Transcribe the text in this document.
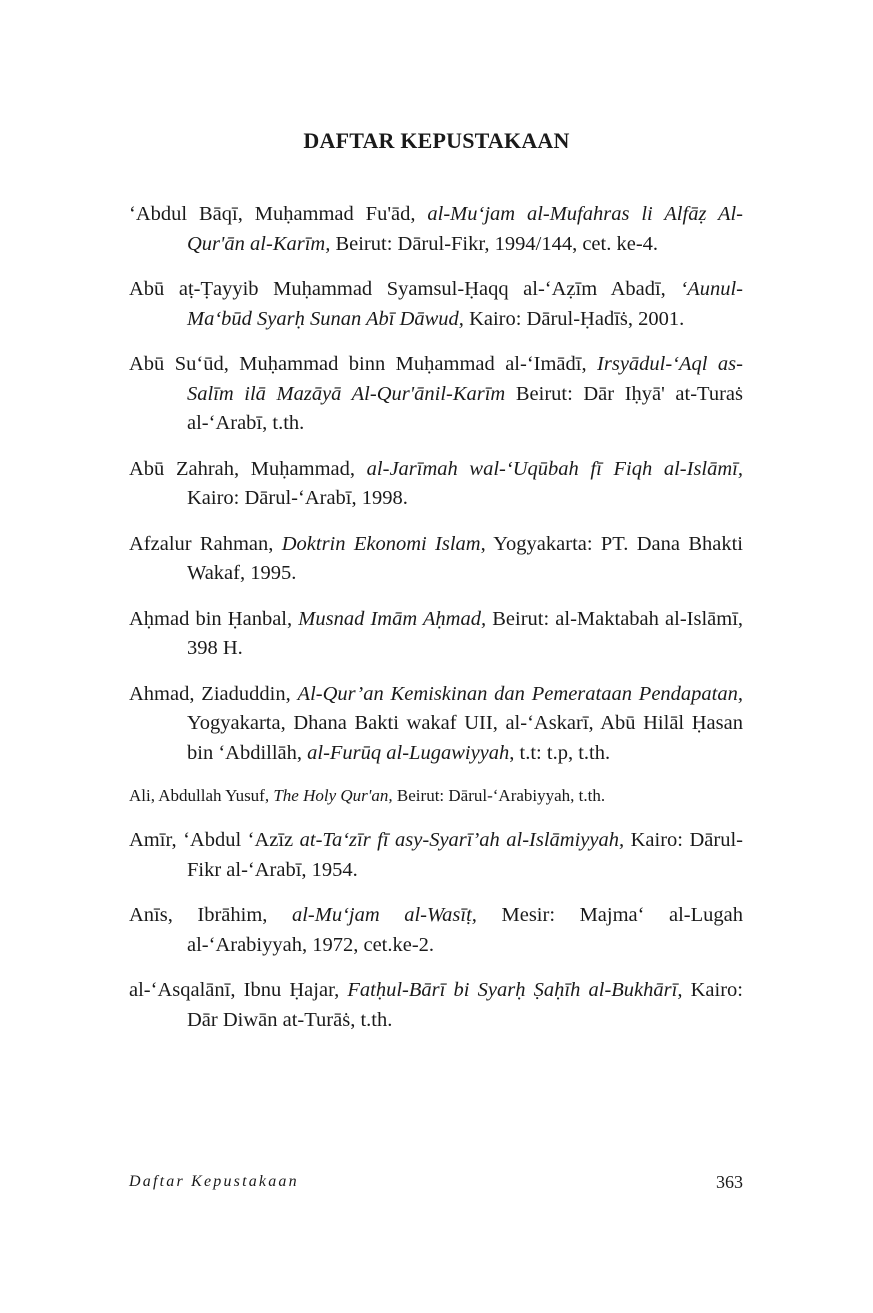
DAFTAR KEPUSTAKAAN
‘Abdul Bāqī, Muḥammad Fu'ād, al-Mu‘jam al-Mufahras li Alfāẓ Al-Qur'ān al-Karīm, Beirut: Dārul-Fikr, 1994/144, cet. ke-4.
Abū aṭ-Ṭayyib Muḥammad Syamsul-Ḥaqq al-‘Aẓīm Abadī, ‘Aunul-Ma‘būd Syarḥ Sunan Abī Dāwud, Kairo: Dārul-Ḥadīṡ, 2001.
Abū Su‘ūd, Muḥammad binn Muḥammad al-‘Imādī, Irsyādul-‘Aql as-Salīm ilā Mazāyā Al-Qur'ānil-Karīm Beirut: Dār Iḥyā' at-Turaṡ al-‘Arabī, t.th.
Abū Zahrah, Muḥammad, al-Jarīmah wal-‘Uqūbah fī Fiqh al-Islāmī, Kairo: Dārul-‘Arabī, 1998.
Afzalur Rahman, Doktrin Ekonomi Islam, Yogyakarta: PT. Dana Bhakti Wakaf, 1995.
Aḥmad bin Ḥanbal, Musnad Imām Aḥmad, Beirut: al-Maktabah al-Islāmī, 398 H.
Ahmad, Ziaduddin, Al-Qur’an Kemiskinan dan Pemerataan Pendapatan, Yogyakarta, Dhana Bakti wakaf UII, al-‘Askarī, Abū Hilāl Ḥasan bin ‘Abdillāh, al-Furūq al-Lugawiyyah, t.t: t.p, t.th.
Ali, Abdullah Yusuf, The Holy Qur'an, Beirut: Dārul-‘Arabiyyah, t.th.
Amīr, ‘Abdul ‘Azīz at-Ta‘zīr fī asy-Syarī’ah al-Islāmiyyah, Kairo: Dārul-Fikr al-‘Arabī, 1954.
Anīs, Ibrāhim, al-Mu‘jam al-Wasīṭ, Mesir: Majma‘ al-Lugah al-‘Arabiyyah, 1972, cet.ke-2.
al-‘Asqalānī, Ibnu Ḥajar, Fatḥul-Bārī bi Syarḥ Ṣaḥīh al-Bukhārī, Kairo: Dār Diwān at-Turāṡ, t.th.
Daftar Kepustakaan	363
